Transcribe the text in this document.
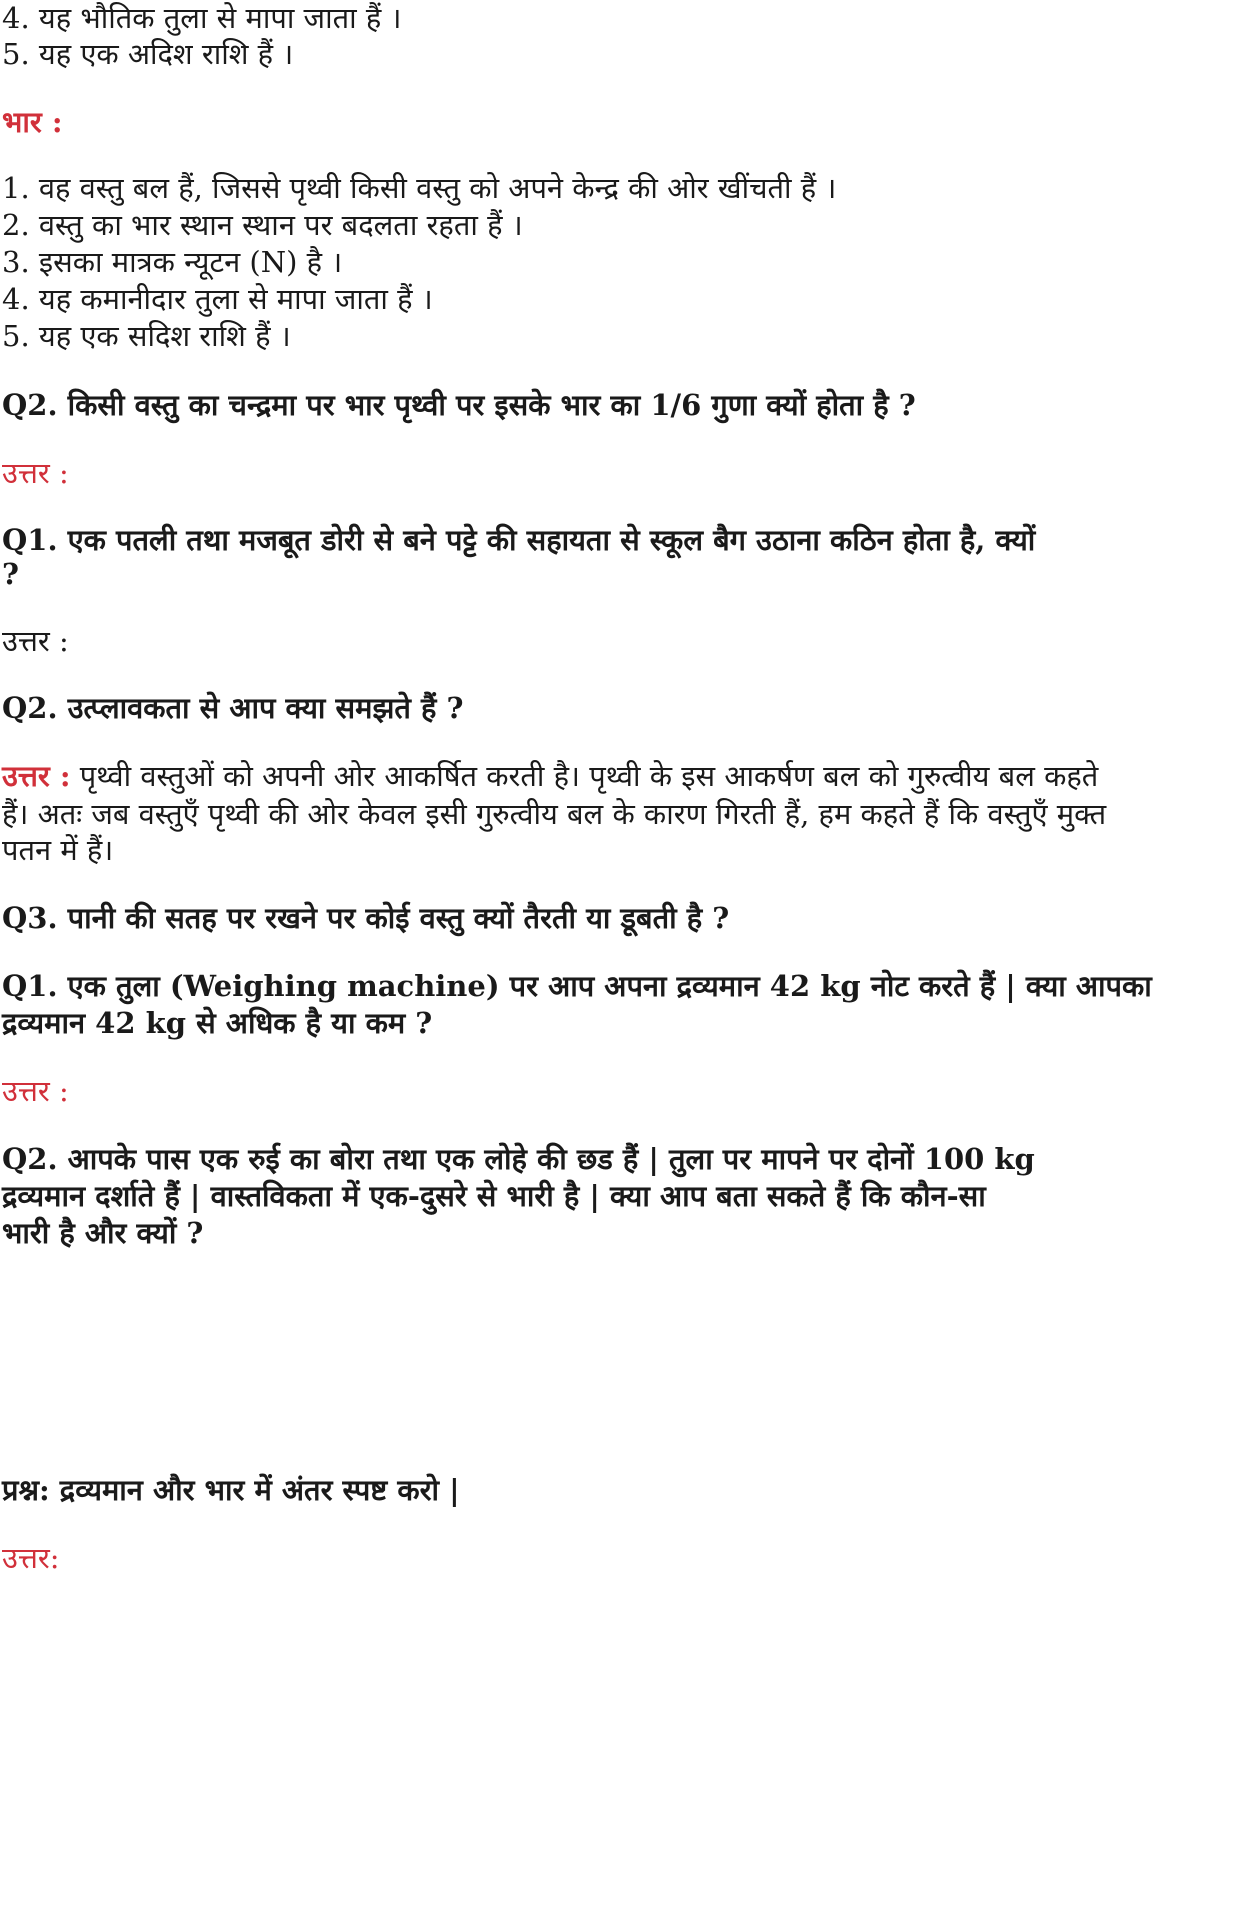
4. यह भौतिक तुला से मापा जाता हैं ।

5. यह एक अदिश राशि हैं ।

भार :

1. वह वस्तु बल हैं, जिससे पृथ्वी किसी वस्तु को अपने केन्द्र की ओर खींचती हैं ।

2. वस्तु का भार स्थान स्थान पर बदलता रहता हैं ।

3. इसका मात्रक न्यूटन (N) है ।

4. यह कमानीदार तुला से मापा जाता हैं ।

5. यह एक सदिश राशि हैं ।

Q2. किसी वस्तु का चन्द्रमा पर भार पृथ्वी पर इसके भार का 1/6 गुणा क्यों होता है ?

उत्तर :

Q1. एक पतली तथा मजबूत डोरी से बने पट्टे की सहायता से स्कूल बैग उठाना कठिन होता है, क्यों

?

उत्तर :

Q2. उत्प्लावकता से आप क्या समझते हैं ?

उत्तर : पृथ्वी वस्तुओं को अपनी ओर आकर्षित करती है। पृथ्वी के इस आकर्षण बल को गुरुत्वीय बल कहते

हैं। अतः जब वस्तुएँ पृथ्वी की ओर केवल इसी गुरुत्वीय बल के कारण गिरती हैं, हम कहते हैं कि वस्तुएँ मुक्त

पतन में हैं।

Q3. पानी की सतह पर रखने पर कोई वस्तु क्यों तैरती या डूबती है ?

Q1. एक तुला (Weighing machine) पर आप अपना द्रव्यमान 42 kg नोट करते हैं | क्या आपका

द्रव्यमान 42 kg से अधिक है या कम ?

उत्तर :

Q2. आपके पास एक रुई का बोरा तथा एक लोहे की छड हैं | तुला पर मापने पर दोनों 100 kg

द्रव्यमान दर्शाते हैं | वास्तविकता में एक-दुसरे से भारी है | क्या आप बता सकते हैं कि कौन-सा

भारी है और क्यों ?

प्रश्न: द्रव्यमान और भार में अंतर स्पष्ट करो |

उत्तर:
